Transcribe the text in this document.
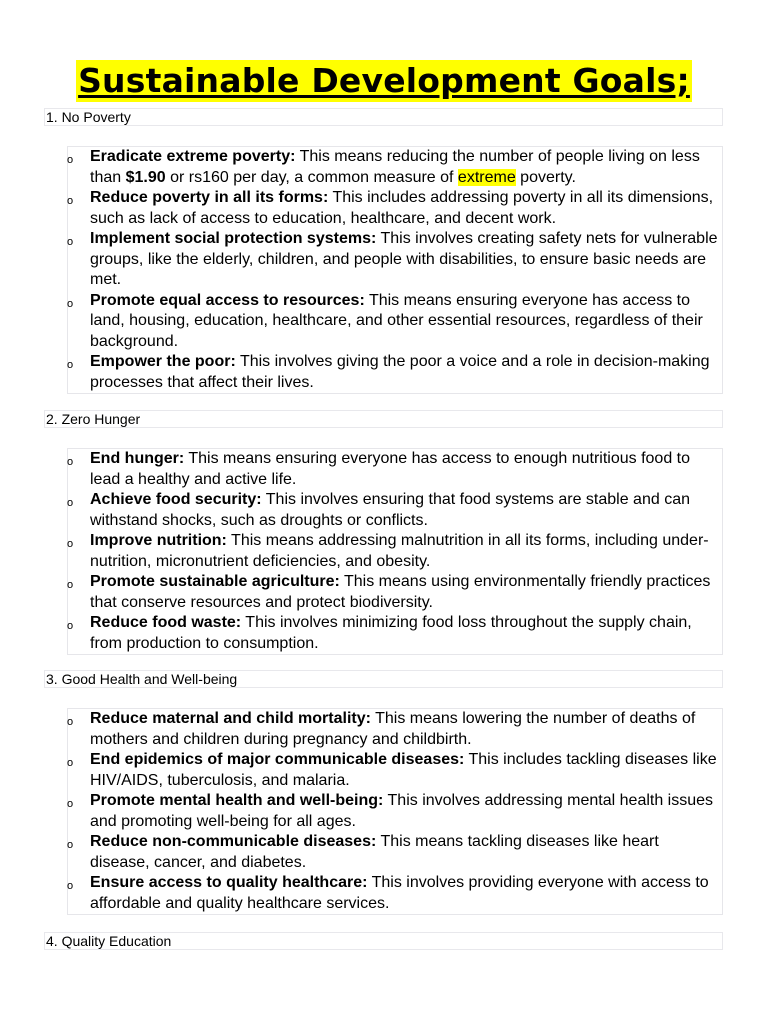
Sustainable Development Goals;
1. No Poverty
o Eradicate extreme poverty: This means reducing the number of people living on less than $1.90 or rs160 per day, a common measure of extreme poverty.
o Reduce poverty in all its forms: This includes addressing poverty in all its dimensions, such as lack of access to education, healthcare, and decent work.
o Implement social protection systems: This involves creating safety nets for vulnerable groups, like the elderly, children, and people with disabilities, to ensure basic needs are met.
o Promote equal access to resources: This means ensuring everyone has access to land, housing, education, healthcare, and other essential resources, regardless of their background.
o Empower the poor: This involves giving the poor a voice and a role in decision-making processes that affect their lives.
2. Zero Hunger
o End hunger: This means ensuring everyone has access to enough nutritious food to lead a healthy and active life.
o Achieve food security: This involves ensuring that food systems are stable and can withstand shocks, such as droughts or conflicts.
o Improve nutrition: This means addressing malnutrition in all its forms, including under-nutrition, micronutrient deficiencies, and obesity.
o Promote sustainable agriculture: This means using environmentally friendly practices that conserve resources and protect biodiversity.
o Reduce food waste: This involves minimizing food loss throughout the supply chain, from production to consumption.
3. Good Health and Well-being
o Reduce maternal and child mortality: This means lowering the number of deaths of mothers and children during pregnancy and childbirth.
o End epidemics of major communicable diseases: This includes tackling diseases like HIV/AIDS, tuberculosis, and malaria.
o Promote mental health and well-being: This involves addressing mental health issues and promoting well-being for all ages.
o Reduce non-communicable diseases: This means tackling diseases like heart disease, cancer, and diabetes.
o Ensure access to quality healthcare: This involves providing everyone with access to affordable and quality healthcare services.
4. Quality Education
